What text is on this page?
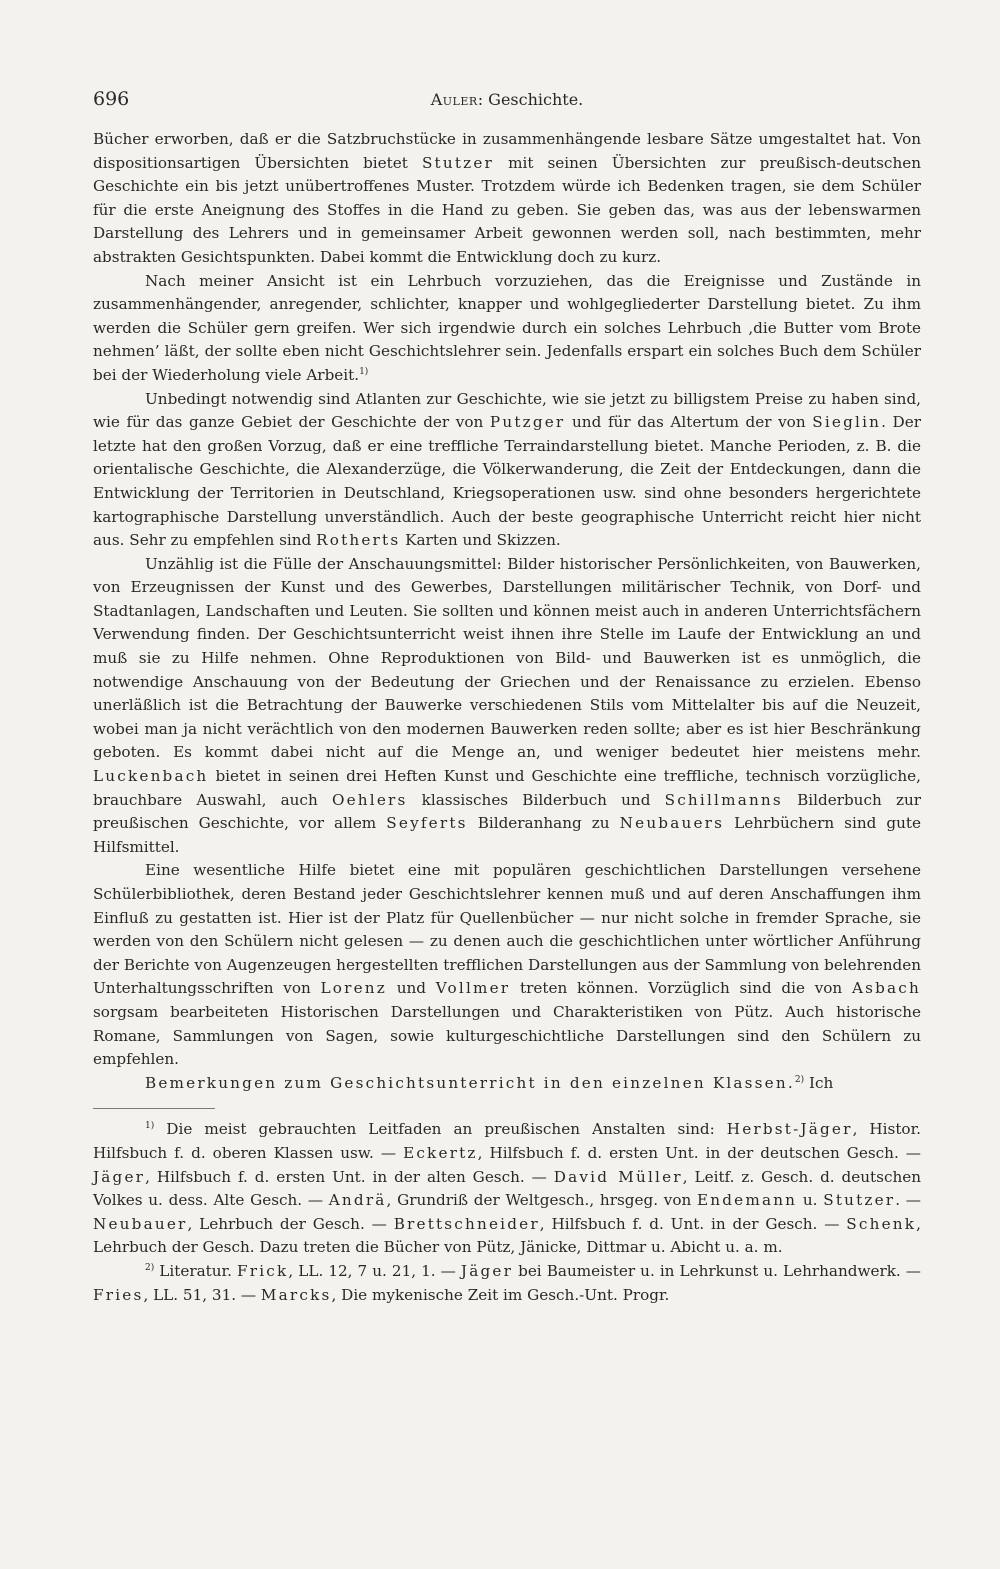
696	Auler: Geschichte.

Bücher erworben, daß er die Satzbruchstücke in zusammenhängende lesbare Sätze umgestaltet hat. Von dispositionsartigen Übersichten bietet Stutzer mit seinen Übersichten zur preußisch-deutschen Geschichte ein bis jetzt unübertroffenes Muster. Trotzdem würde ich Bedenken tragen, sie dem Schüler für die erste Aneignung des Stoffes in die Hand zu geben. Sie geben das, was aus der lebenswarmen Darstellung des Lehrers und in gemeinsamer Arbeit gewonnen werden soll, nach bestimmten, mehr abstrakten Gesichtspunkten. Dabei kommt die Entwicklung doch zu kurz.

Nach meiner Ansicht ist ein Lehrbuch vorzuziehen, das die Ereignisse und Zustände in zusammenhängender, anregender, schlichter, knapper und wohlgegliederter Darstellung bietet. Zu ihm werden die Schüler gern greifen. Wer sich irgendwie durch ein solches Lehrbuch ‚die Butter vom Brote nehmen’ läßt, der sollte eben nicht Geschichtslehrer sein. Jedenfalls erspart ein solches Buch dem Schüler bei der Wiederholung viele Arbeit.$^{1)}$

Unbedingt notwendig sind Atlanten zur Geschichte, wie sie jetzt zu billigstem Preise zu haben sind, wie für das ganze Gebiet der Geschichte der von Putzger und für das Altertum der von Sieglin. Der letzte hat den großen Vorzug, daß er eine treffliche Terraindarstellung bietet. Manche Perioden, z. B. die orientalische Geschichte, die Alexanderzüge, die Völkerwanderung, die Zeit der Entdeckungen, dann die Entwicklung der Territorien in Deutschland, Kriegsoperationen usw. sind ohne besonders hergerichtete kartographische Darstellung unverständlich. Auch der beste geographische Unterricht reicht hier nicht aus. Sehr zu empfehlen sind Rotherts Karten und Skizzen.

Unzählig ist die Fülle der Anschauungsmittel: Bilder historischer Persönlichkeiten, von Bauwerken, von Erzeugnissen der Kunst und des Gewerbes, Darstellungen militärischer Technik, von Dorf- und Stadtanlagen, Landschaften und Leuten. Sie sollten und können meist auch in anderen Unterrichtsfächern Verwendung finden. Der Geschichtsunterricht weist ihnen ihre Stelle im Laufe der Entwicklung an und muß sie zu Hilfe nehmen. Ohne Reproduktionen von Bild- und Bauwerken ist es unmöglich, die notwendige Anschauung von der Bedeutung der Griechen und der Renaissance zu erzielen. Ebenso unerläßlich ist die Betrachtung der Bauwerke verschiedenen Stils vom Mittelalter bis auf die Neuzeit, wobei man ja nicht verächtlich von den modernen Bauwerken reden sollte; aber es ist hier Beschränkung geboten. Es kommt dabei nicht auf die Menge an, und weniger bedeutet hier meistens mehr. Luckenbach bietet in seinen drei Heften Kunst und Geschichte eine treffliche, technisch vorzügliche, brauchbare Auswahl, auch Oehlers klassisches Bilderbuch und Schillmanns Bilderbuch zur preußischen Geschichte, vor allem Seyferts Bilderanhang zu Neubauers Lehrbüchern sind gute Hilfsmittel.

Eine wesentliche Hilfe bietet eine mit populären geschichtlichen Darstellungen versehene Schülerbibliothek, deren Bestand jeder Geschichtslehrer kennen muß und auf deren Anschaffungen ihm Einfluß zu gestatten ist. Hier ist der Platz für Quellenbücher — nur nicht solche in fremder Sprache, sie werden von den Schülern nicht gelesen — zu denen auch die geschichtlichen unter wörtlicher Anführung der Berichte von Augenzeugen hergestellten trefflichen Darstellungen aus der Sammlung von belehrenden Unterhaltungsschriften von Lorenz und Vollmer treten können. Vorzüglich sind die von Asbach sorgsam bearbeiteten Historischen Darstellungen und Charakteristiken von Pütz. Auch historische Romane, Sammlungen von Sagen, sowie kulturgeschichtliche Darstellungen sind den Schülern zu empfehlen.

Bemerkungen zum Geschichtsunterricht in den einzelnen Klassen.$^{2)}$ Ich

$^{1)}$ Die meist gebrauchten Leitfaden an preußischen Anstalten sind: Herbst-Jäger, Histor. Hilfsbuch f. d. oberen Klassen usw. — Eckertz, Hilfsbuch f. d. ersten Unt. in der deutschen Gesch. — Jäger, Hilfsbuch f. d. ersten Unt. in der alten Gesch. — David Müller, Leitf. z. Gesch. d. deutschen Volkes u. dess. Alte Gesch. — Andrä, Grundriß der Weltgesch., hrsgeg. von Endemann u. Stutzer. — Neubauer, Lehrbuch der Gesch. — Brettschneider, Hilfsbuch f. d. Unt. in der Gesch. — Schenk, Lehrbuch der Gesch. Dazu treten die Bücher von Pütz, Jänicke, Dittmar u. Abicht u. a. m.

$^{2)}$ Literatur. Frick, LL. 12, 7 u. 21, 1. — Jäger bei Baumeister u. in Lehrkunst u. Lehrhandwerk. — Fries, LL. 51, 31. — Marcks, Die mykenische Zeit im Gesch.-Unt. Progr.
